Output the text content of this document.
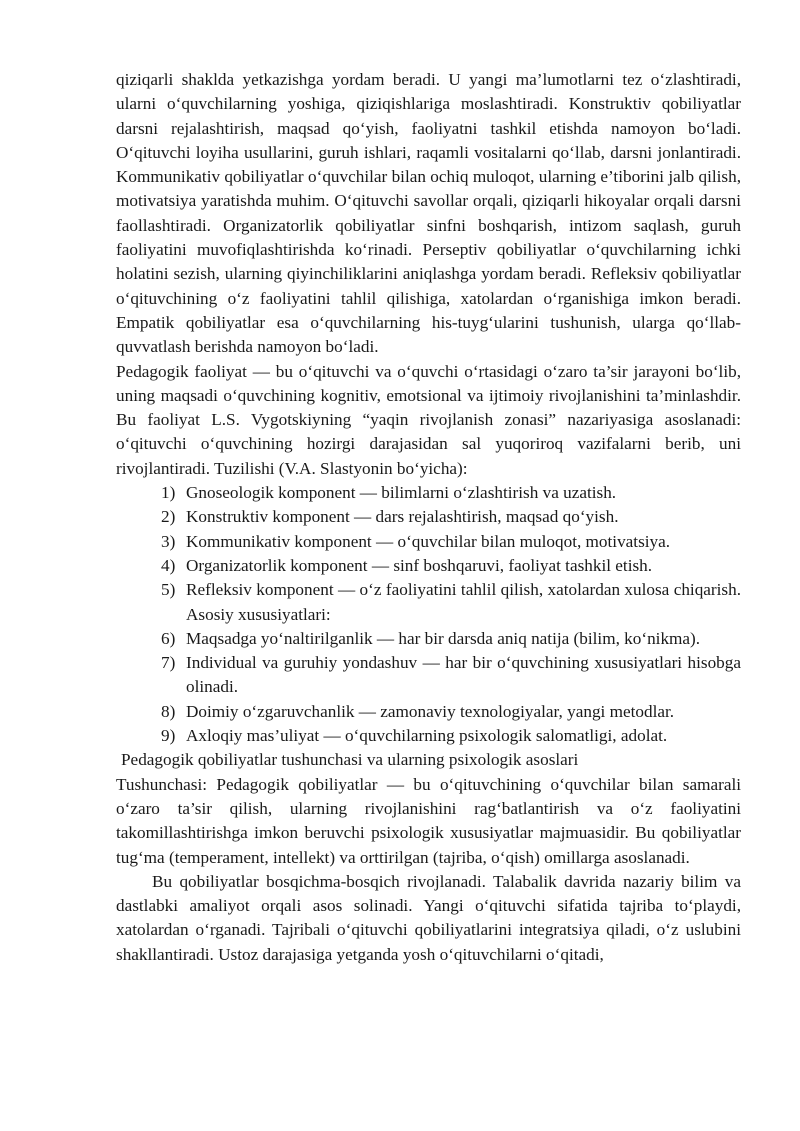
qiziqarli shaklda yetkazishga yordam beradi. U yangi ma’lumotlarni tez o‘zlashtiradi, ularni o‘quvchilarning yoshiga, qiziqishlariga moslashtiradi. Konstruktiv qobiliyatlar darsni rejalashtirish, maqsad qo‘yish, faoliyatni tashkil etishda namoyon bo‘ladi. O‘qituvchi loyiha usullarini, guruh ishlari, raqamli vositalarni qo‘llab, darsni jonlantiradi. Kommunikativ qobiliyatlar o‘quvchilar bilan ochiq muloqot, ularning e’tiborini jalb qilish, motivatsiya yaratishda muhim. O‘qituvchi savollar orqali, qiziqarli hikoyalar orqali darsni faollashtiradi. Organizatorlik qobiliyatlar sinfni boshqarish, intizom saqlash, guruh faoliyatini muvofiqlashtirishda ko‘rinadi. Perseptiv qobiliyatlar o‘quvchilarning ichki holatini sezish, ularning qiyinchiliklarini aniqlashga yordam beradi. Refleksiv qobiliyatlar o‘qituvchining o‘z faoliyatini tahlil qilishiga, xatolardan o‘rganishiga imkon beradi. Empatik qobiliyatlar esa o‘quvchilarning his-tuyg‘ularini tushunish, ularga qo‘llab-quvvatlash berishda namoyon bo‘ladi.

Pedagogik faoliyat — bu o‘qituvchi va o‘quvchi o‘rtasidagi o‘zaro ta’sir jarayoni bo‘lib, uning maqsadi o‘quvchining kognitiv, emotsional va ijtimoiy rivojlanishini ta’minlashdir. Bu faoliyat L.S. Vygotskiyning “yaqin rivojlanish zonasi” nazariyasiga asoslanadi: o‘qituvchi o‘quvchining hozirgi darajasidan sal yuqoriroq vazifalarni berib, uni rivojlantiradi. Tuzilishi (V.A. Slastyonin bo‘yicha):

1) Gnoseologik komponent — bilimlarni o‘zlashtirish va uzatish.
2) Konstruktiv komponent — dars rejalashtirish, maqsad qo‘yish.
3) Kommunikativ komponent — o‘quvchilar bilan muloqot, motivatsiya.
4) Organizatorlik komponent — sinf boshqaruvi, faoliyat tashkil etish.
5) Refleksiv komponent — o‘z faoliyatini tahlil qilish, xatolardan xulosa chiqarish. Asosiy xususiyatlari:
6) Maqsadga yo‘naltirilganlik — har bir darsda aniq natija (bilim, ko‘nikma).
7) Individual va guruhiy yondashuv — har bir o‘quvchining xususiyatlari hisobga olinadi.
8) Doimiy o‘zgaruvchanlik — zamonaviy texnologiyalar, yangi metodlar.
9) Axloqiy mas’uliyat — o‘quvchilarning psixologik salomatligi, adolat.

Pedagogik qobiliyatlar tushunchasi va ularning psixologik asoslari

Tushunchasi: Pedagogik qobiliyatlar — bu o‘qituvchining o‘quvchilar bilan samarali o‘zaro ta’sir qilish, ularning rivojlanishini rag‘batlantirish va o‘z faoliyatini takomillashtirishga imkon beruvchi psixologik xususiyatlar majmuasidir. Bu qobiliyatlar tug‘ma (temperament, intellekt) va orttirilgan (tajriba, o‘qish) omillarga asoslanadi.

Bu qobiliyatlar bosqichma-bosqich rivojlanadi. Talabalik davrida nazariy bilim va dastlabki amaliyot orqali asos solinadi. Yangi o‘qituvchi sifatida tajriba to‘playdi, xatolardan o‘rganadi. Tajribali o‘qituvchi qobiliyatlarini integratsiya qiladi, o‘z uslubini shakllantiradi. Ustoz darajasiga yetganda yosh o‘qituvchilarni o‘qitadi,
